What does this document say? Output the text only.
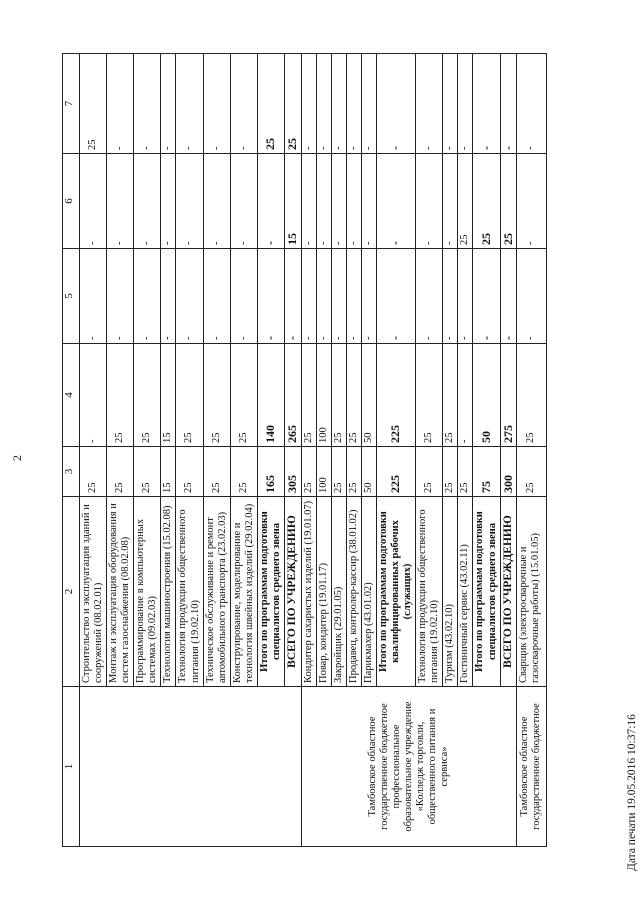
2
1	2	3	4	5	6	7
	Строительство и эксплуатация зданий и сооружений (08.02.01)	25	-	-	-	25
	Монтаж и эксплуатация оборудования и систем газоснабжения (08.02.08)	25	25	-	-	-
	Программирование в компьютерных системах (09.02.03)	25	25	-	-	-
	Технология машиностроения (15.02.08)	15	15	-	-	-
	Технология продукции общественного питания (19.02.10)	25	25	-	-	-
	Техническое обслуживание и ремонт автомобильного транспорта (23.02.03)	25	25	-	-	-
	Конструирование, моделирование и технология швейных изделий (29.02.04)	25	25	-	-	-
	Итого по программам подготовки специалистов среднего звена	165	140	-	-	25
	ВСЕГО ПО УЧРЕЖДЕНИЮ	305	265	-	15	25
Тамбовское областное государственное бюджетное профессиональное образовательное учреждение «Колледж торговли, общественного питания и сервиса»	Кондитер сахаристых изделий (19.01.07)	25	25	-	-	-
	Повар, кондитер (19.01.17)	100	100	-	-	-
	Закройщик (29.01.05)	25	25	-	-	-
	Продавец, контролер-кассир (38.01.02)	25	25	-	-	-
	Парикмахер (43.01.02)	50	50	-	-	-
	Итого по программам подготовки квалифицированных рабочих (служащих)	225	225	-	-	-
	Технология продукции общественного питания (19.02.10)	25	25	-	-	-
	Туризм (43.02.10)	25	25	-	-	-
	Гостиничный сервис (43.02.11)	25	-	-	25	-
	Итого по программам подготовки специалистов среднего звена	75	50	-	25	-
	ВСЕГО ПО УЧРЕЖДЕНИЮ	300	275	-	25	-
Тамбовское областное государственное бюджетное	Сварщик (электросварочные и газосварочные работы) (15.01.05)	25	25	-	-	-
Дата печати 19.05.2016 10:37:16
